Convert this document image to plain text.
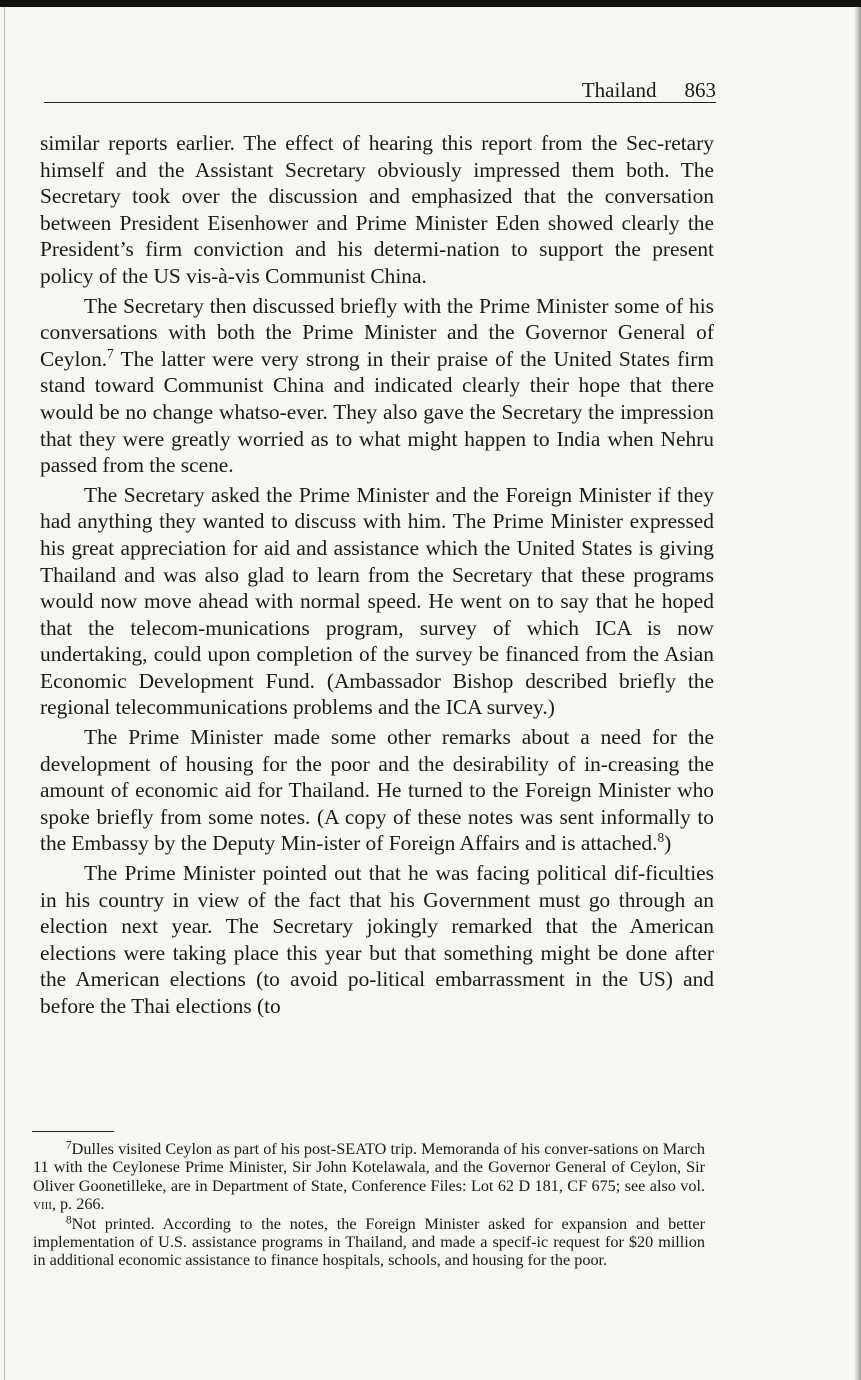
Thailand 863

similar reports earlier. The effect of hearing this report from the Sec-retary himself and the Assistant Secretary obviously impressed them both. The Secretary took over the discussion and emphasized that the conversation between President Eisenhower and Prime Minister Eden showed clearly the President’s firm conviction and his determi-nation to support the present policy of the US vis-à-vis Communist China.

The Secretary then discussed briefly with the Prime Minister some of his conversations with both the Prime Minister and the Governor General of Ceylon.$^7$ The latter were very strong in their praise of the United States firm stand toward Communist China and indicated clearly their hope that there would be no change whatso-ever. They also gave the Secretary the impression that they were greatly worried as to what might happen to India when Nehru passed from the scene.

The Secretary asked the Prime Minister and the Foreign Minister if they had anything they wanted to discuss with him. The Prime Minister expressed his great appreciation for aid and assistance which the United States is giving Thailand and was also glad to learn from the Secretary that these programs would now move ahead with normal speed. He went on to say that he hoped that the telecom-munications program, survey of which ICA is now undertaking, could upon completion of the survey be financed from the Asian Economic Development Fund. (Ambassador Bishop described briefly the regional telecommunications problems and the ICA survey.)

The Prime Minister made some other remarks about a need for the development of housing for the poor and the desirability of in-creasing the amount of economic aid for Thailand. He turned to the Foreign Minister who spoke briefly from some notes. (A copy of these notes was sent informally to the Embassy by the Deputy Min-ister of Foreign Affairs and is attached.$^8$)

The Prime Minister pointed out that he was facing political dif-ficulties in his country in view of the fact that his Government must go through an election next year. The Secretary jokingly remarked that the American elections were taking place this year but that something might be done after the American elections (to avoid po-litical embarrassment in the US) and before the Thai elections (to

$^7$Dulles visited Ceylon as part of his post-SEATO trip. Memoranda of his conver-sations on March 11 with the Ceylonese Prime Minister, Sir John Kotelawala, and the Governor General of Ceylon, Sir Oliver Goonetilleke, are in Department of State, Conference Files: Lot 62 D 181, CF 675; see also vol. viii, p. 266.

$^8$Not printed. According to the notes, the Foreign Minister asked for expansion and better implementation of U.S. assistance programs in Thailand, and made a specif-ic request for $20 million in additional economic assistance to finance hospitals, schools, and housing for the poor.
